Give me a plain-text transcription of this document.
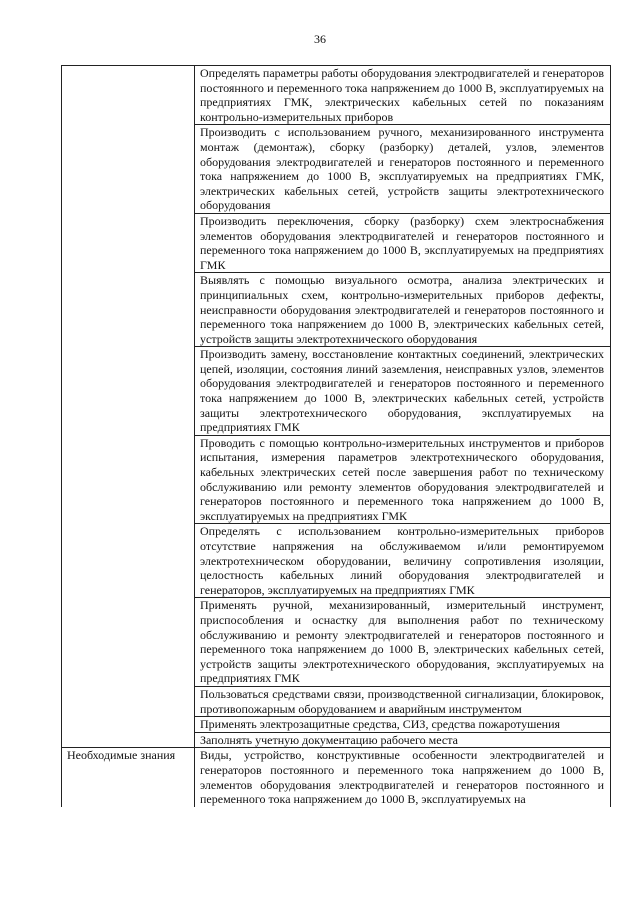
36
	Определять параметры работы оборудования электродвигателей и генераторов постоянного и переменного тока напряжением до 1000 В, эксплуатируемых на предприятиях ГМК, электрических кабельных сетей по показаниям контрольно-измерительных приборов
	Производить с использованием ручного, механизированного инструмента монтаж (демонтаж), сборку (разборку) деталей, узлов, элементов оборудования электродвигателей и генераторов постоянного и переменного тока напряжением до 1000 В, эксплуатируемых на предприятиях ГМК, электрических кабельных сетей, устройств защиты электротехнического оборудования
	Производить переключения, сборку (разборку) схем электроснабжения элементов оборудования электродвигателей и генераторов постоянного и переменного тока напряжением до 1000 В, эксплуатируемых на предприятиях ГМК
	Выявлять с помощью визуального осмотра, анализа электрических и принципиальных схем, контрольно-измерительных приборов дефекты, неисправности оборудования электродвигателей и генераторов постоянного и переменного тока напряжением до 1000 В, электрических кабельных сетей, устройств защиты электротехнического оборудования
	Производить замену, восстановление контактных соединений, электрических цепей, изоляции, состояния линий заземления, неисправных узлов, элементов оборудования электродвигателей и генераторов постоянного и переменного тока напряжением до 1000 В, электрических кабельных сетей, устройств защиты электротехнического оборудования, эксплуатируемых на предприятиях ГМК
	Проводить с помощью контрольно-измерительных инструментов и приборов испытания, измерения параметров электротехнического оборудования, кабельных электрических сетей после завершения работ по техническому обслуживанию или ремонту элементов оборудования электродвигателей и генераторов постоянного и переменного тока напряжением до 1000 В, эксплуатируемых на предприятиях ГМК
	Определять с использованием контрольно-измерительных приборов отсутствие напряжения на обслуживаемом и/или ремонтируемом электротехническом оборудовании, величину сопротивления изоляции, целостность кабельных линий оборудования электродвигателей и генераторов, эксплуатируемых на предприятиях ГМК
	Применять ручной, механизированный, измерительный инструмент, приспособления и оснастку для выполнения работ по техническому обслуживанию и ремонту электродвигателей и генераторов постоянного и переменного тока напряжением до 1000 В, электрических кабельных сетей, устройств защиты электротехнического оборудования, эксплуатируемых на предприятиях ГМК
	Пользоваться средствами связи, производственной сигнализации, блокировок, противопожарным оборудованием и аварийным инструментом
	Применять электрозащитные средства, СИЗ, средства пожаротушения
	Заполнять учетную документацию рабочего места
Необходимые знания	Виды, устройство, конструктивные особенности электродвигателей и генераторов постоянного и переменного тока напряжением до 1000 В, элементов оборудования электродвигателей и генераторов постоянного и переменного тока напряжением до 1000 В, эксплуатируемых на
